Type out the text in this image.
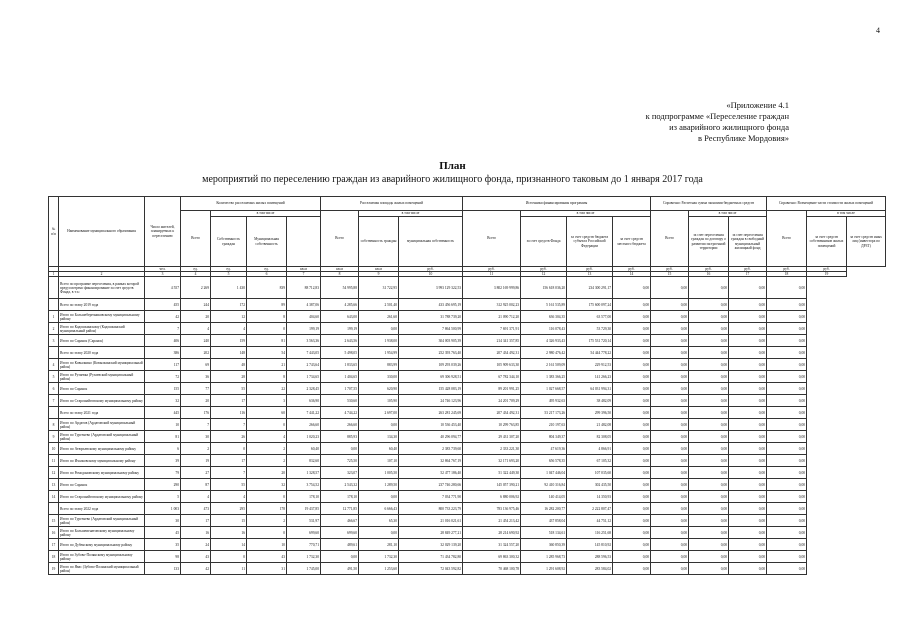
4
«Приложение 4.1
к подпрограмме «Переселение граждан
из аварийного жилищного фонда
в Республике Мордовия»
План
мероприятий по переселению граждан из аварийного жилищного фонда, признанного таковым до 1 января 2017 года
№ п/п	Наименование муниципального образования	Число жителей, планируемых к переселению	Количество расселяемых жилых помещений				Расселяемая площадь жилых помещений			Источники финансирования программы				Справочно: Расчетная сумма экономии бюджетных средств			Справочно: Возмещение части стоимости жилых помещений		
			Всего	в том числе			Всего	в том числе		Всего	в том числе			Всего	в том числе		Всего	в том числе	
				Собственность граждан	Муниципальная собственность			собственность граждан	муниципальная собственность		за счет средств Фонда	за счет средств бюджета субъекта Российской Федерации	за счет средств местного бюджета		за счет переселения граждан по договору о развитии застроенной территории	за счет переселения граждан в свободный муниципальный жилищный фонд		за счет средств собственников жилых помещений	за счет средств иных лиц (инвестора по ДРЗТ)
		чел.	ед.	ед.	ед.	кв.м	кв.м	кв.м	руб.	руб.	руб.	руб.	руб.	руб.	руб.	руб.	руб.	руб.	
1	2	3	4	5	6	7	8	9	10	11	12	13	14	15	16	17	18	19	
	Всего по программе переселения, в рамках которой предусмотрено финансирование за счет средств Фонда, в т.ч.:	4 557	2 269	1 430	839	88 712,83	54 995,88	31 722,95	3 993 129 322,53	3 802 169 999,86	156 618 036,20	234 300 291,17	0,00	0,00	0,00	0,00	0,00		
	Всего по этапу 2019 года	455	244	172	89	4 387,06	4 285,66	2 501,40	433 456 695,19	312 925 002,23	5 161 535,89	175 600 097,24	0,00	0,00	0,00	0,00	0,00		
1	Итого по Большеберезниковскому муниципальному району	42	20	12	8	404,60	643,00	261,60	31 788 739,20	21 090 712,20	636 304,35	63 577,00	0,00	0,00	0,00	0,00	0,00		
2	Итого по Кадошкинскому (Кадошкинский муниципальный район)	7	4	4	0	199,19	199,19	0,00	7 864 500,99	7 691 371,91	116 078,43	53 729,30	0,00	0,00	0,00	0,00	0,00		
3	Итого по Саранск (Саранск)	406	240	159	81	3 563,36	2 643,56	1 938,00	304 003 905,39	214 341 357,85	4 326 933,43	175 531 720,14	0,00	0,00	0,00	0,00	0,00		
	Всего по этапу 2020 года	386	202	148	54	7 443,05	5 498,05	1 954,99	252 393 763,40	207 434 492,31	2 980 476,42	54 444 778,22	0,00	0,00	0,00	0,00	0,00		
4	Итого по Ковылкино (Ковылкинский муниципальный район)	117	69	48	21	2 743,64	1 833,65	883,99	109 293 039,26	105 909 633,30	2 161 509,09	229 912,53	0,00	0,00	0,00	0,00	0,00		
5	Итого по Рузаевка (Рузаевский муниципальный район)	72	36	28	8	1 734,65	1 404,65	330,00	69 306 928,51	67 782 344,10	1 383 366,25	141 266,23	0,00	0,00	0,00	0,00	0,00		
6	Итого по Саранск	155	77	55	22	2 328,45	1 707,55	620,90	155 428 083,19	89 201 991,25	1 027 668,57	64 031 994,31	0,00	0,00	0,00	0,00	0,00		
7	Итого по Старошайговскому муниципальному району	32	20	17	3	636,90	530,60	105,90	24 746 123,96	24 201 709,29	495 932,63	38 482,09	0,00	0,00	0,00	0,00	0,00		
	Всего по этапу 2021 года	445	176	116	60	7 441,22	4 744,22	2 697,00	263 281 245,69	207 434 492,31	53 217 173,26	299 396,50	0,00	0,00	0,00	0,00	0,00		
8	Итого по Ардатов (Ардатовский муниципальный район)	10	7	7	0	266,60	266,60	0,00	10 536 453,40	10 299 763,85	210 197,63	21 482,08	0,00	0,00	0,00	0,00	0,00		
9	Итого по Тургенево (Ардатовский муниципальный район)	81	30	26	4	1 020,23	885,93	134,30	40 296 094,77	29 431 307,20	804 349,37	82 308,05	0,00	0,00	0,00	0,00	0,00		
10	Итого по Атюрьевскому муниципальному району	6	2	0	2	60,40	0,00	60,40	2 383 739,60	2 333 221,30	47 619,36	4 866,91	0,00	0,00	0,00	0,00	0,00		
11	Итого по Ичалковскому муниципальному району	39	19	17	2	832,60	725,50	107,10	32 864 767,19	32 171 693,20	656 578,35	67 105,32	0,00	0,00	0,00	0,00	0,00		
12	Итого по Ромодановскому муниципальному району	79	27	7	20	1 328,57	323,07	1 005,50	52 477 186,40	51 322 449,30	1 047 446,04	107 035,60	0,00	0,00	0,00	0,00	0,00		
13	Итого по Саранск	290	87	55	32	3 754,52	2 543,32	1 289,50	237 746 280,66	145 057 390,21	92 410 316,84	302 435,50	0,00	0,00	0,00	0,00	0,00		
14	Итого по Старошайговскому муниципальному району	5	4	4	0	178,10	178,10	0,00	7 034 771,90	6 880 006,92	140 414,05	14 350,93	0,00	0,00	0,00	0,00	0,00		
	Всего по этапу 2022 года	1 003	473	295	178	19 437,85	12 771,85	6 666,43	800 733 223,79	783 136 975,46	16 282 200,77	2 222 807,47	0,00	0,00	0,00	0,00	0,00		
15	Итого по Тургенево (Ардатовский муниципальный район)	30	17	15	2	531,97	466,67	65,30	21 016 021,61	21 454 213,42	437 858,04	44 751,12	0,00	0,00	0,00	0,00	0,00		
16	Итого по Большеигнатовскому муниципальному району	45	16	16	0	699,60	699,60	0,00	28 849 277,21	28 214 690,92	518 134,61	116 251,68	0,00	0,00	0,00	0,00	0,00		
17	Итого по Дубенскому муниципальному району	35	24	14	10	770,71	489,61	281,10	32 029 139,20	31 324 557,20	360 850,39	145 810,92	0,00	0,00	0,00	0,00	0,00		
18	Итого по Зубово-Полянскому муниципальному району	98	43	0	43	1 732,30	0,00	1 732,30	71 434 782,80	69 863 300,32	1 285 968,73	288 596,53	0,00	0,00	0,00	0,00	0,00		
19	Итого по Явас (Зубово-Полянский муниципальный район)	133	42	11	31	1 745,00	491,50	1 253,60	72 043 592,82	70 468 100,78	1 291 608,92	283 584,02	0,00	0,00	0,00	0,00	0,00		
